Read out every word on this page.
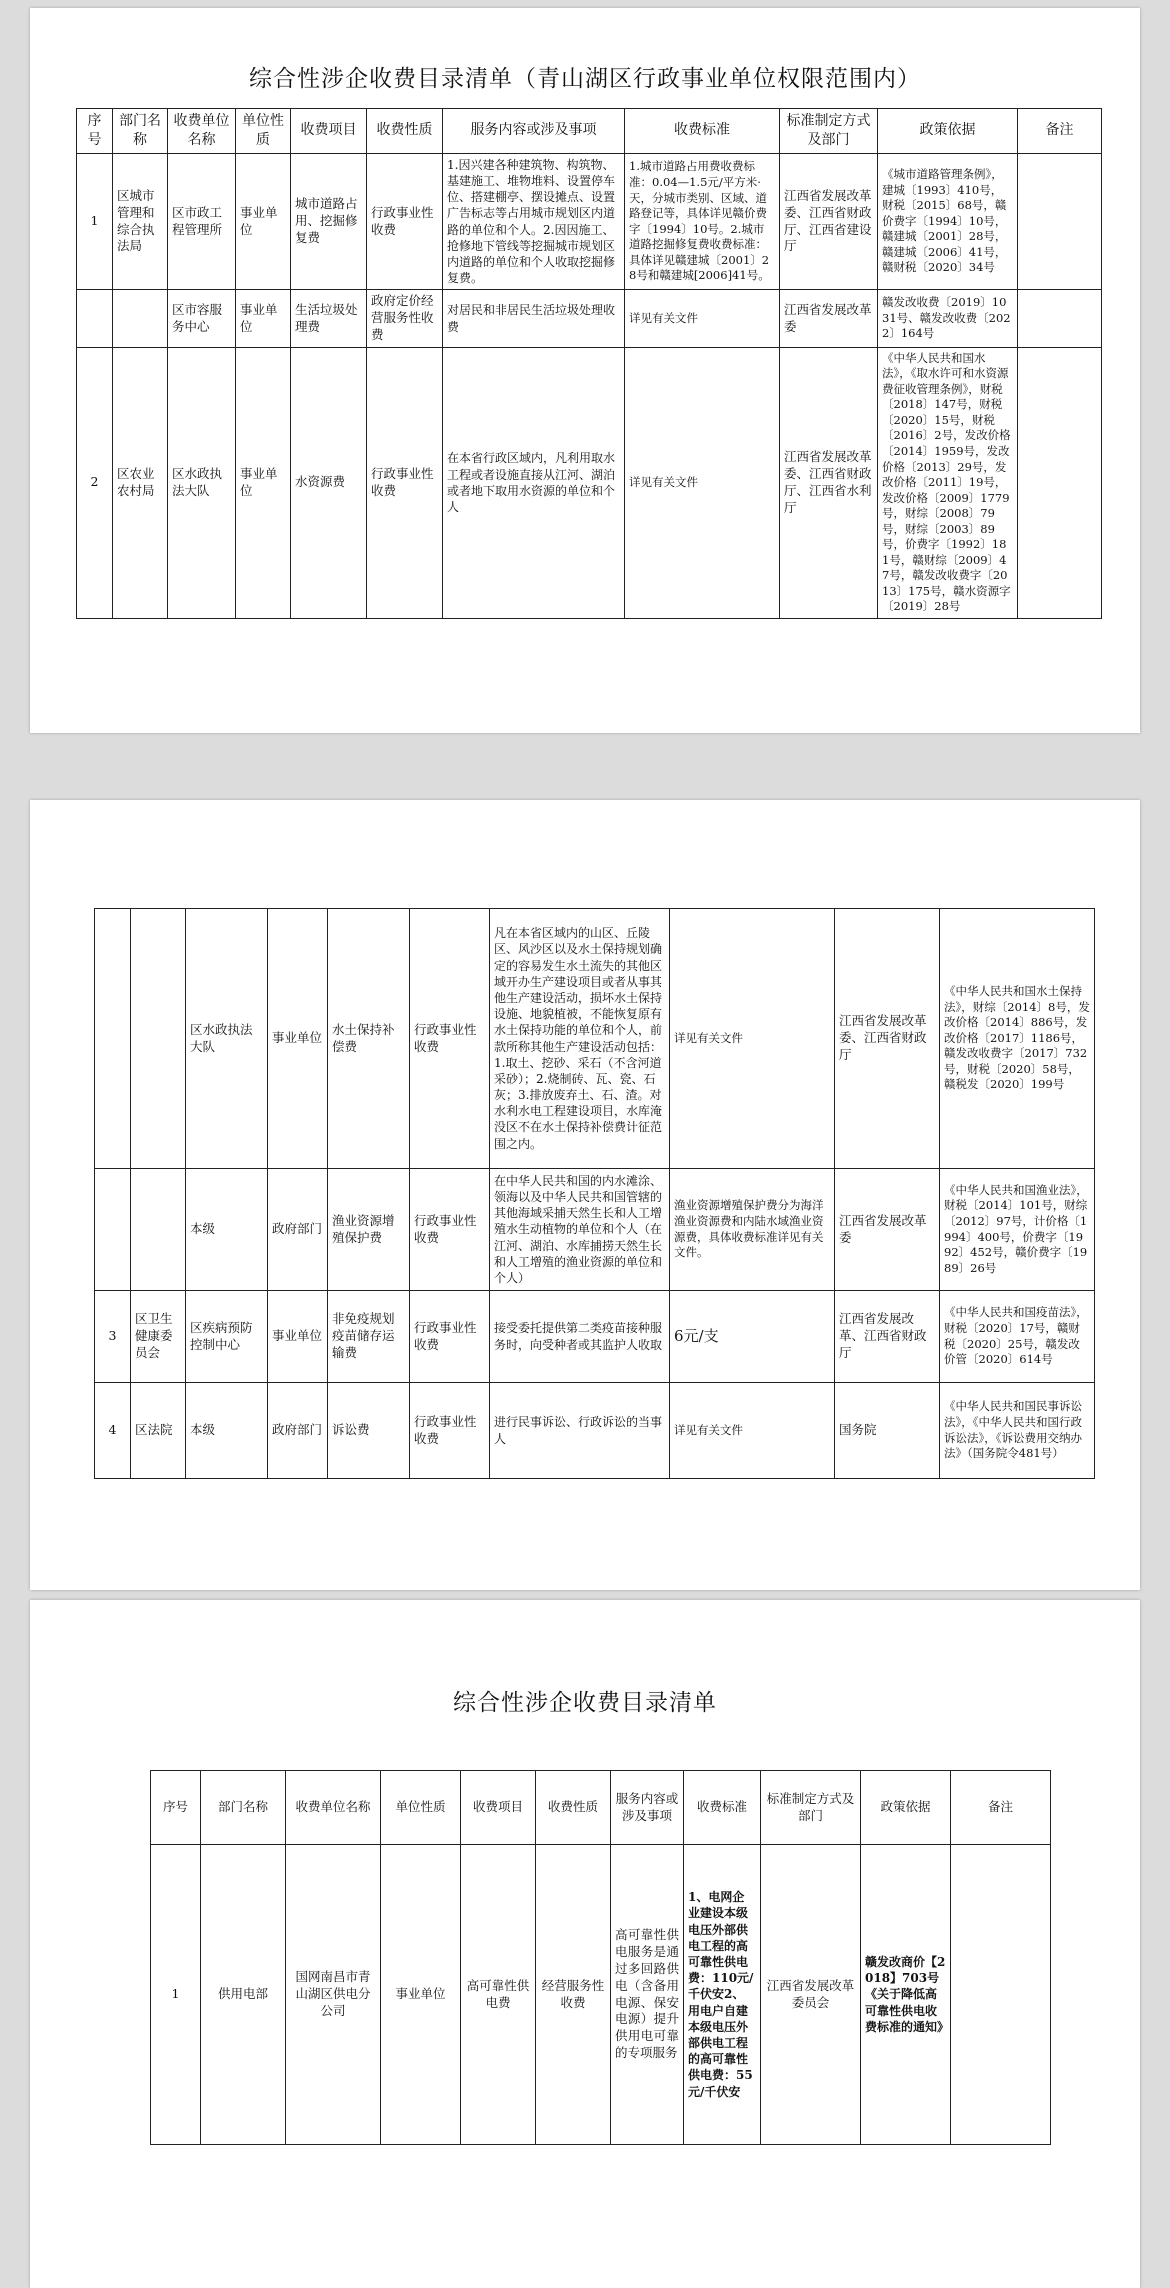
综合性涉企收费目录清单（青山湖区行政事业单位权限范围内）
序号	部门名称	收费单位名称	单位性质	收费项目	收费性质	服务内容或涉及事项	收费标准	标准制定方式及部门	政策依据	备注
1	区城市管理和综合执法局	区市政工程管理所	事业单位	城市道路占用、挖掘修复费	行政事业性收费	1.因兴建各种建筑物、构筑物、基建施工、堆物堆料、设置停车位、搭建棚亭、摆设摊点、设置广告标志等占用城市规划区内道路的单位和个人。2.因因施工、抢修地下管线等挖掘城市规划区内道路的单位和个人收取挖掘修复费。	1.城市道路占用费收费标准：0.04—1.5元/平方米·天，分城市类别、区域、道路登记等，具体详见赣价费字〔1994〕10号。2.城市道路挖掘修复费收费标准：具体详见赣建城〔2001〕28号和赣建城[2006]41号。	江西省发展改革委、江西省财政厅、江西省建设厅	《城市道路管理条例》，建城〔1993〕410号，财税〔2015〕68号，赣价费字〔1994〕10号，赣建城〔2001〕28号，赣建城〔2006〕41号，赣财税〔2020〕34号	
		区市容服务中心	事业单位	生活垃圾处理费	政府定价经营服务性收费	对居民和非居民生活垃圾处理收费	详见有关文件	江西省发展改革委	赣发改收费〔2019〕1031号、赣发改收费〔2022〕164号	
2	区农业农村局	区水政执法大队	事业单位	水资源费	行政事业性收费	在本省行政区域内，凡利用取水工程或者设施直接从江河、湖泊或者地下取用水资源的单位和个人	详见有关文件	江西省发展改革委、江西省财政厅、江西省水利厅	《中华人民共和国水法》，《取水许可和水资源费征收管理条例》，财税〔2018〕147号，财税〔2020〕15号，财税〔2016〕2号，发改价格〔2014〕1959号，发改价格〔2013〕29号，发改价格〔2011〕19号，发改价格〔2009〕1779号，财综〔2008〕79号，财综〔2003〕89号，价费字〔1992〕181号，赣财综〔2009〕47号，赣发改收费字〔2013〕175号，赣水资源字〔2019〕28号	
		区水政执法大队	事业单位	水土保持补偿费	行政事业性收费	凡在本省区域内的山区、丘陵区、风沙区以及水土保持规划确定的容易发生水土流失的其他区域开办生产建设项目或者从事其他生产建设活动，损坏水土保持设施、地貌植被，不能恢复原有水土保持功能的单位和个人，前款所称其他生产建设活动包括：1.取土、挖砂、采石（不含河道采砂）；2.烧制砖、瓦、瓷、石灰；3.排放废弃土、石、渣。对水利水电工程建设项目，水库淹没区不在水土保持补偿费计征范围之内。	详见有关文件	江西省发展改革委、江西省财政厅	《中华人民共和国水土保持法》，财综〔2014〕8号，发改价格〔2014〕886号，发改价格〔2017〕1186号，赣发改收费字〔2017〕732号，财税〔2020〕58号，赣税发〔2020〕199号
		本级	政府部门	渔业资源增殖保护费	行政事业性收费	在中华人民共和国的内水滩涂、领海以及中华人民共和国管辖的其他海域采捕天然生长和人工增殖水生动植物的单位和个人（在江河、湖泊、水库捕捞天然生长和人工增殖的渔业资源的单位和个人）	渔业资源增殖保护费分为海洋渔业资源费和内陆水域渔业资源费，具体收费标准详见有关文件。	江西省发展改革委	《中华人民共和国渔业法》，财税〔2014〕101号，财综〔2012〕97号，计价格〔1994〕400号，价费字〔1992〕452号，赣价费字〔1989〕26号
3	区卫生健康委员会	区疾病预防控制中心	事业单位	非免疫规划疫苗储存运输费	行政事业性收费	接受委托提供第二类疫苗接种服务时，向受种者或其监护人收取	6元/支	江西省发展改革、江西省财政厅	《中华人民共和国疫苗法》，财税〔2020〕17号，赣财税〔2020〕25号，赣发改价管〔2020〕614号
4	区法院	本级	政府部门	诉讼费	行政事业性收费	进行民事诉讼、行政诉讼的当事人	详见有关文件	国务院	《中华人民共和国民事诉讼法》，《中华人民共和国行政诉讼法》，《诉讼费用交纳办法》（国务院令481号）
综合性涉企收费目录清单
序号	部门名称	收费单位名称	单位性质	收费项目	收费性质	服务内容或涉及事项	收费标准	标准制定方式及部门	政策依据	备注
1	供用电部	国网南昌市青山湖区供电分公司	事业单位	高可靠性供电费	经营服务性收费	高可靠性供电服务是通过多回路供电（含备用电源、保安电源）提升供用电可靠的专项服务	1、电网企业建设本级电压外部供电工程的高可靠性供电费：110元/千伏安2、用电户自建本级电压外部供电工程的高可靠性供电费：55元/千伏安	江西省发展改革委员会	赣发改商价【2018】703号《关于降低高可靠性供电收费标准的通知》	
